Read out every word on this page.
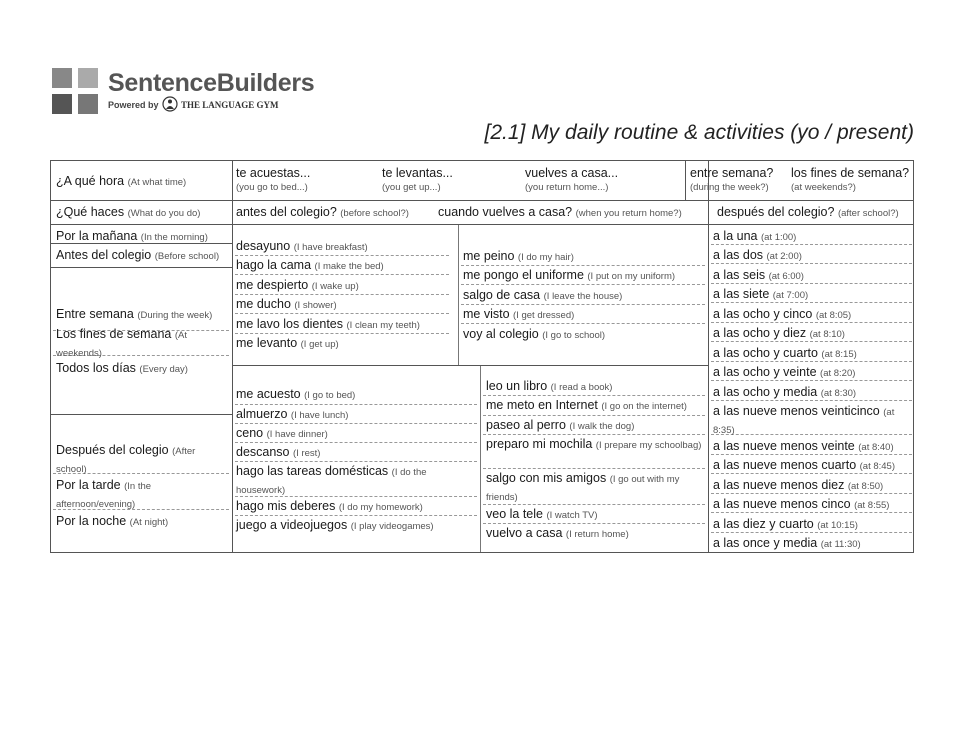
SentenceBuilders
Powered by THE LANGUAGE GYM
[2.1] My daily routine & activities (yo / present)
¿A qué hora (At what time)
te acuestas...
(you go to bed...)
te levantas...
(you get up...)
vuelves a casa...
(you return home...)
entre semana?
(during the week?)
los fines de semana?
(at weekends?)
¿Qué haces (What do you do)	antes del colegio? (before school?) cuando vuelves a casa? (when you return home?)	después del colegio? (after school?)
Por la mañana (In the morning)
Antes del colegio (Before school)
Entre semana (During the week)
Los fines de semana (At weekends)
Todos los días (Every day)
Después del colegio (After school)
Por la tarde (In the afternoon/evening)
Por la noche (At night)
desayuno (I have breakfast)
hago la cama (I make the bed)
me despierto (I wake up)
me ducho (I shower)
me lavo los dientes (I clean my teeth)
me levanto (I get up)
me peino (I do my hair)
me pongo el uniforme (I put on my uniform)
salgo de casa (I leave the house)
me visto (I get dressed)
voy al colegio (I go to school)
me acuesto (I go to bed)
almuerzo (I have lunch)
ceno (I have dinner)
descanso (I rest)
hago las tareas domésticas (I do the housework)
hago mis deberes (I do my homework)
juego a videojuegos (I play videogames)
leo un libro (I read a book)
me meto en Internet (I go on the internet)
paseo al perro (I walk the dog)
preparo mi mochila (I prepare my schoolbag)
salgo con mis amigos (I go out with my friends)
veo la tele (I watch TV)
vuelvo a casa (I return home)
a la una (at 1:00)
a las dos (at 2:00)
a las seis (at 6:00)
a las siete (at 7:00)
a las ocho y cinco (at 8:05)
a las ocho y diez (at 8:10)
a las ocho y cuarto (at 8:15)
a las ocho y veinte (at 8:20)
a las ocho y media (at 8:30)
a las nueve menos veinticinco (at 8:35)
a las nueve menos veinte (at 8:40)
a las nueve menos cuarto (at 8:45)
a las nueve menos diez (at 8:50)
a las nueve menos cinco (at 8:55)
a las diez y cuarto (at 10:15)
a las once y media (at 11:30)
